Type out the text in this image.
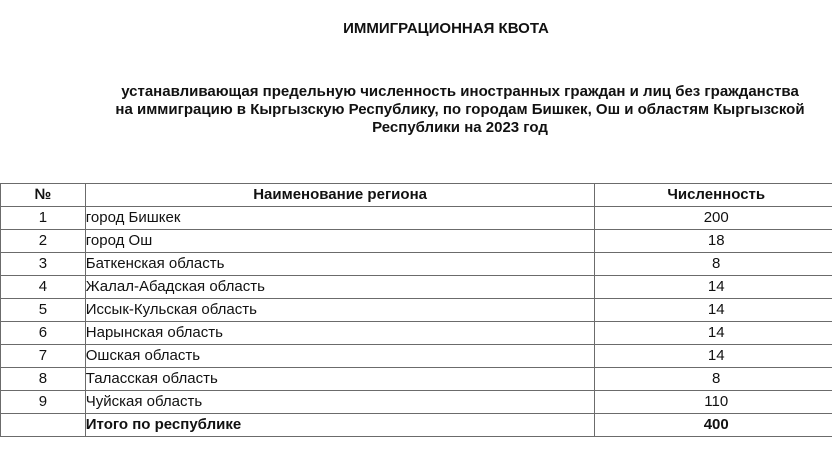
ИММИГРАЦИОННАЯ КВОТА
устанавливающая предельную численность иностранных граждан и лиц без гражданства
на иммиграцию в Кыргызскую Республику, по городам Бишкек, Ош и областям Кыргызской
Республики на 2023 год
№	Наименование региона	Численность
1	город Бишкек	200
2	город Ош	18
3	Баткенская область	8
4	Жалал-Абадская область	14
5	Иссык-Кульская область	14
6	Нарынская область	14
7	Ошская область	14
8	Таласская область	8
9	Чуйская область	110
	Итого по республике	400
